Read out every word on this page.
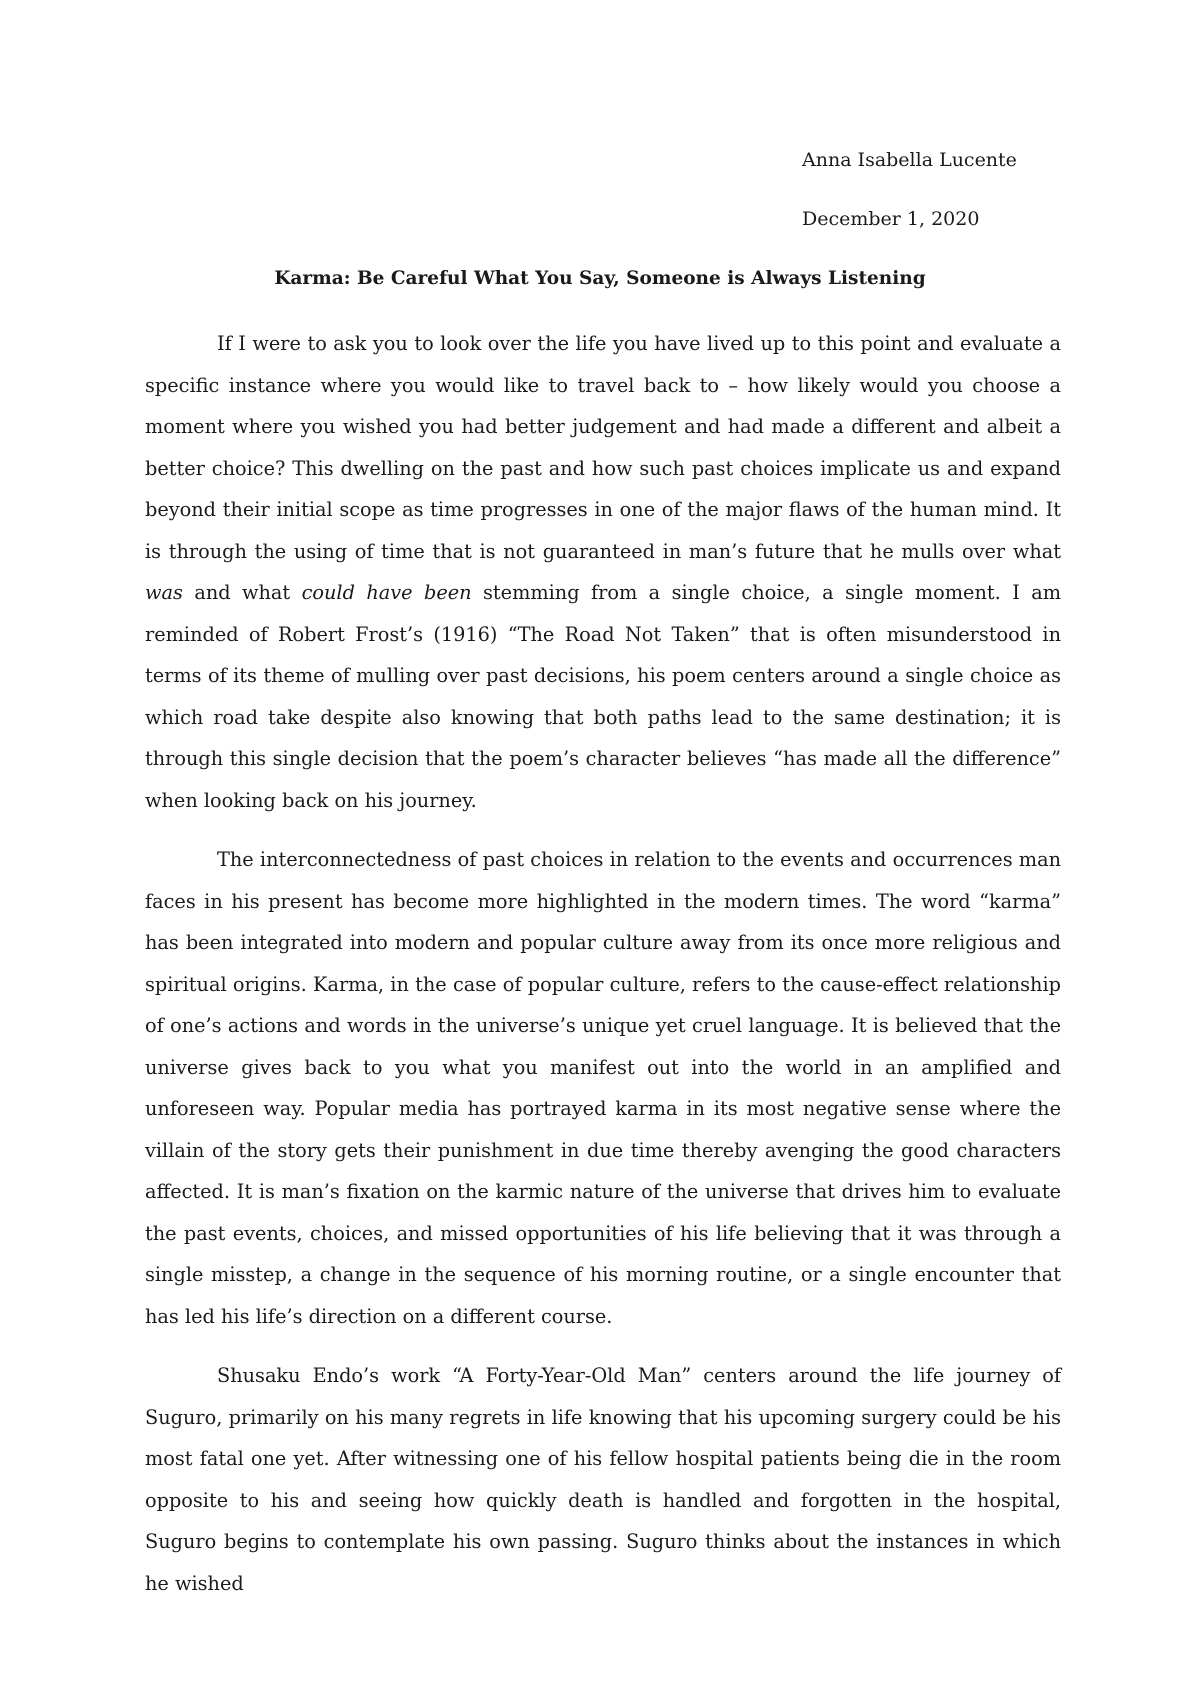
Anna Isabella Lucente
December 1, 2020
Karma: Be Careful What You Say, Someone is Always Listening

If I were to ask you to look over the life you have lived up to this point and evaluate a specific instance where you would like to travel back to – how likely would you choose a moment where you wished you had better judgement and had made a different and albeit a better choice? This dwelling on the past and how such past choices implicate us and expand beyond their initial scope as time progresses in one of the major flaws of the human mind. It is through the using of time that is not guaranteed in man’s future that he mulls over what was and what could have been stemming from a single choice, a single moment. I am reminded of Robert Frost’s (1916) “The Road Not Taken” that is often misunderstood in terms of its theme of mulling over past decisions, his poem centers around a single choice as which road take despite also knowing that both paths lead to the same destination; it is through this single decision that the poem’s character believes “has made all the difference” when looking back on his journey.

The interconnectedness of past choices in relation to the events and occurrences man faces in his present has become more highlighted in the modern times. The word “karma” has been integrated into modern and popular culture away from its once more religious and spiritual origins. Karma, in the case of popular culture, refers to the cause-effect relationship of one’s actions and words in the universe’s unique yet cruel language. It is believed that the universe gives back to you what you manifest out into the world in an amplified and unforeseen way. Popular media has portrayed karma in its most negative sense where the villain of the story gets their punishment in due time thereby avenging the good characters affected. It is man’s fixation on the karmic nature of the universe that drives him to evaluate the past events, choices, and missed opportunities of his life believing that it was through a single misstep, a change in the sequence of his morning routine, or a single encounter that has led his life’s direction on a different course.

Shusaku Endo’s work “A Forty-Year-Old Man” centers around the life journey of Suguro, primarily on his many regrets in life knowing that his upcoming surgery could be his most fatal one yet. After witnessing one of his fellow hospital patients being die in the room opposite to his and seeing how quickly death is handled and forgotten in the hospital, Suguro begins to contemplate his own passing. Suguro thinks about the instances in which he wished
